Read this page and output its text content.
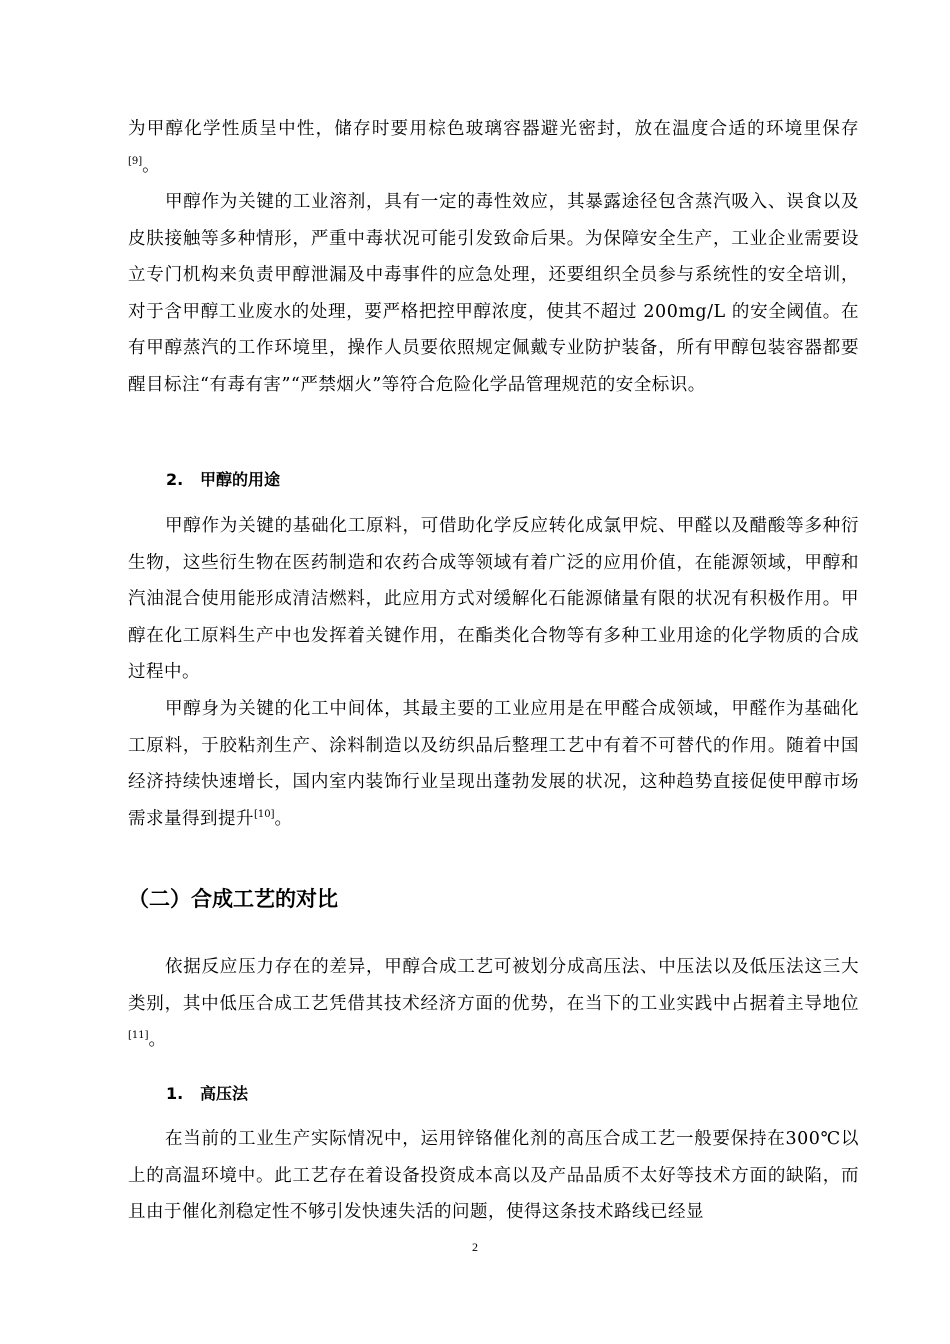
为甲醇化学性质呈中性，储存时要用棕色玻璃容器避光密封，放在温度合适的环境里保存[9]。

甲醇作为关键的工业溶剂，具有一定的毒性效应，其暴露途径包含蒸汽吸入、误食以及皮肤接触等多种情形，严重中毒状况可能引发致命后果。为保障安全生产，工业企业需要设立专门机构来负责甲醇泄漏及中毒事件的应急处理，还要组织全员参与系统性的安全培训，对于含甲醇工业废水的处理，要严格把控甲醇浓度，使其不超过 200mg/L 的安全阈值。在有甲醇蒸汽的工作环境里，操作人员要依照规定佩戴专业防护装备，所有甲醇包装容器都要醒目标注“有毒有害”“严禁烟火”等符合危险化学品管理规范的安全标识。

2. 甲醇的用途

甲醇作为关键的基础化工原料，可借助化学反应转化成氯甲烷、甲醛以及醋酸等多种衍生物，这些衍生物在医药制造和农药合成等领域有着广泛的应用价值，在能源领域，甲醇和汽油混合使用能形成清洁燃料，此应用方式对缓解化石能源储量有限的状况有积极作用。甲醇在化工原料生产中也发挥着关键作用，在酯类化合物等有多种工业用途的化学物质的合成过程中。

甲醇身为关键的化工中间体，其最主要的工业应用是在甲醛合成领域，甲醛作为基础化工原料，于胶粘剂生产、涂料制造以及纺织品后整理工艺中有着不可替代的作用。随着中国经济持续快速增长，国内室内装饰行业呈现出蓬勃发展的状况，这种趋势直接促使甲醇市场需求量得到提升[10]。

（二）合成工艺的对比

依据反应压力存在的差异，甲醇合成工艺可被划分成高压法、中压法以及低压法这三大类别，其中低压合成工艺凭借其技术经济方面的优势，在当下的工业实践中占据着主导地位[11]。

1. 高压法

在当前的工业生产实际情况中，运用锌铬催化剂的高压合成工艺一般要保持在300℃以上的高温环境中。此工艺存在着设备投资成本高以及产品品质不太好等技术方面的缺陷，而且由于催化剂稳定性不够引发快速失活的问题，使得这条技术路线已经显

2
